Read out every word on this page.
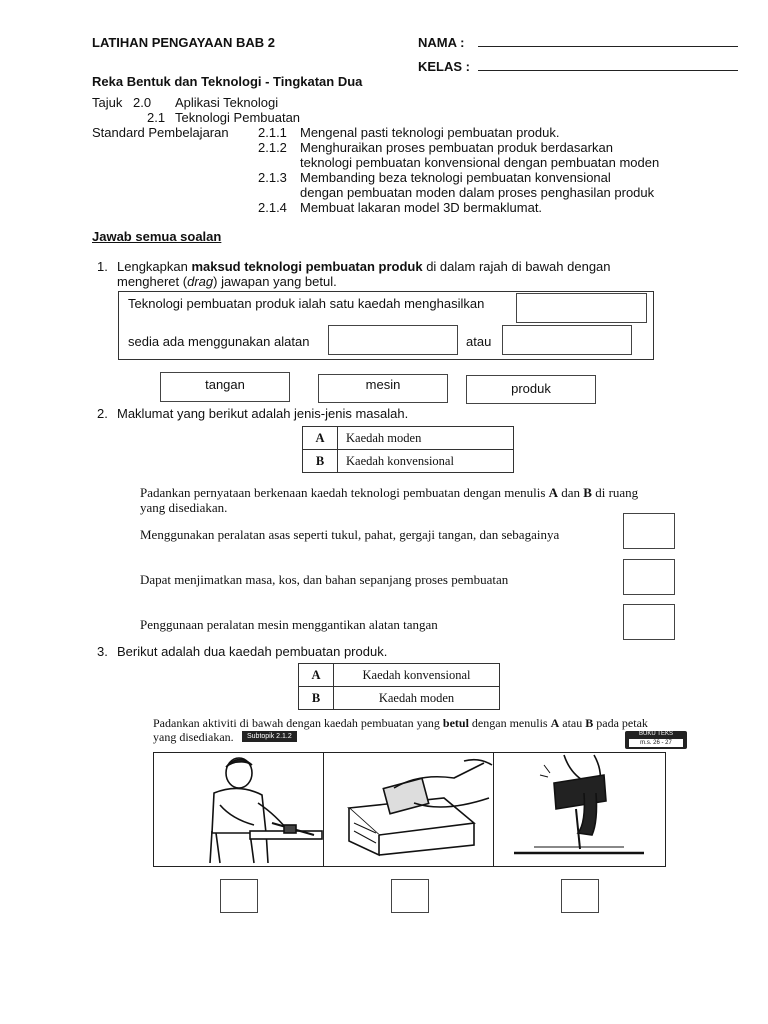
LATIHAN PENGAYAAN BAB 2	NAMA :
KELAS :
Reka Bentuk dan Teknologi - Tingkatan Dua
Tajuk 2.0 Aplikasi Teknologi
2.1 Teknologi Pembuatan
Standard Pembelajaran 2.1.1 Mengenal pasti teknologi pembuatan produk.
2.1.2 Menghuraikan proses pembuatan produk berdasarkan
teknologi pembuatan konvensional dengan pembuatan moden
2.1.3 Membanding beza teknologi pembuatan konvensional
dengan pembuatan moden dalam proses penghasilan produk
2.1.4 Membuat lakaran model 3D bermaklumat.
Jawab semua soalan
1. Lengkapkan maksud teknologi pembuatan produk di dalam rajah di bawah dengan
mengheret (drag) jawapan yang betul.
Teknologi pembuatan produk ialah satu kaedah menghasilkan
sedia ada menggunakan alatan	atau
tangan	mesin	produk
2. Maklumat yang berikut adalah jenis-jenis masalah.
A	Kaedah moden
B	Kaedah konvensional
Padankan pernyataan berkenaan kaedah teknologi pembuatan dengan menulis A dan B di ruang
yang disediakan.
Menggunakan peralatan asas seperti tukul, pahat, gergaji tangan, dan sebagainya
Dapat menjimatkan masa, kos, dan bahan sepanjang proses pembuatan
Penggunaan peralatan mesin menggantikan alatan tangan
3. Berikut adalah dua kaedah pembuatan produk.
A	Kaedah konvensional
B	Kaedah moden
Padankan aktiviti di bawah dengan kaedah pembuatan yang betul dengan menulis A atau B pada petak
yang disediakan.	Subtopik 2.1.2	BUKU TEKS
m.s. 26 - 27
